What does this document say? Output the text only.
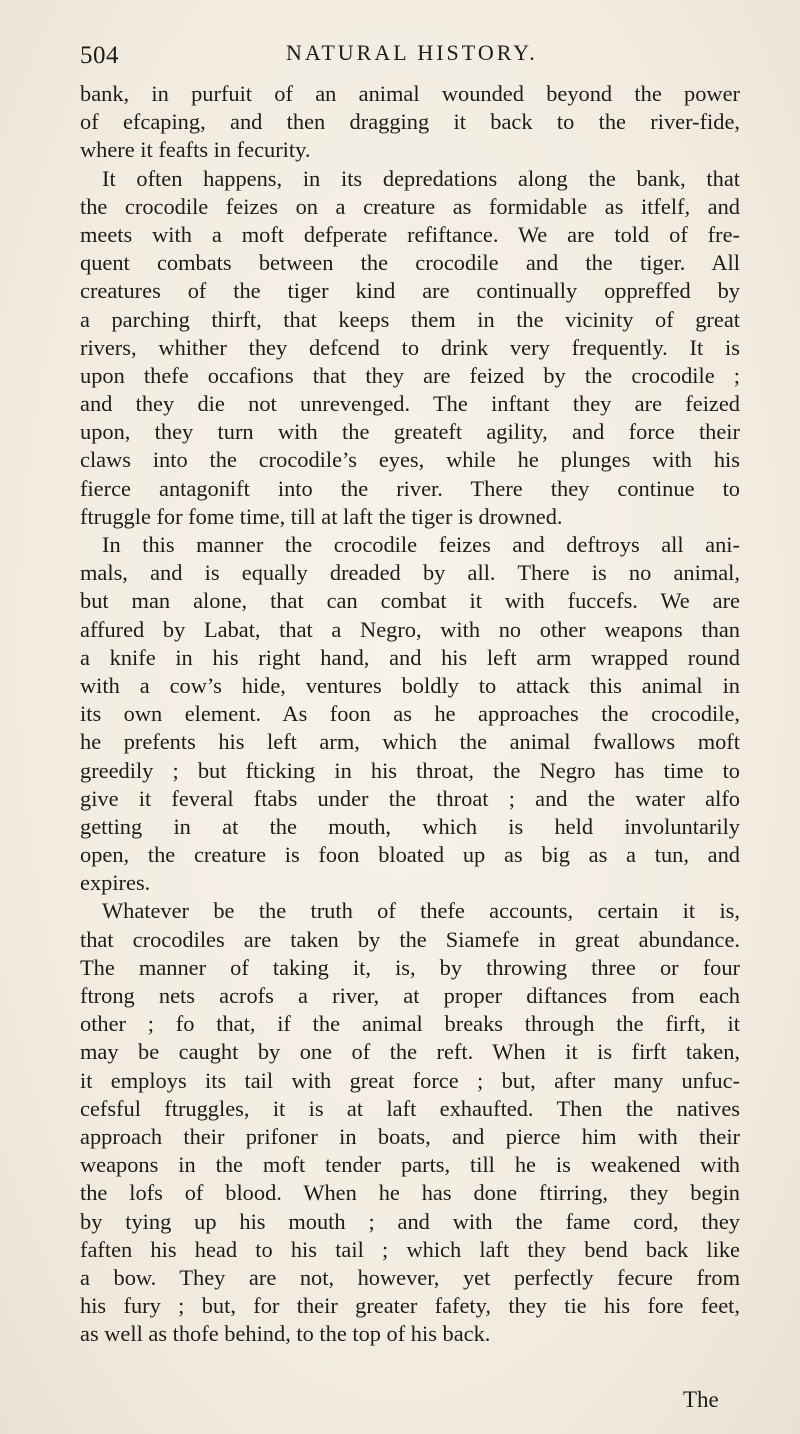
504	NATURAL HISTORY.
bank, in purfuit of an animal wounded beyond the power
of efcaping, and then dragging it back to the river-fide,
where it feafts in fecurity.
It often happens, in its depredations along the bank, that
the crocodile feizes on a creature as formidable as itfelf, and
meets with a moft defperate refiftance. We are told of fre-
quent combats between the crocodile and the tiger. All
creatures of the tiger kind are continually oppreffed by
a parching thirft, that keeps them in the vicinity of great
rivers, whither they defcend to drink very frequently. It is
upon thefe occafions that they are feized by the crocodile ;
and they die not unrevenged. The inftant they are feized
upon, they turn with the greateft agility, and force their
claws into the crocodile’s eyes, while he plunges with his
fierce antagonift into the river. There they continue to
ftruggle for fome time, till at laft the tiger is drowned.
In this manner the crocodile feizes and deftroys all ani-
mals, and is equally dreaded by all. There is no animal,
but man alone, that can combat it with fuccefs. We are
affured by Labat, that a Negro, with no other weapons than
a knife in his right hand, and his left arm wrapped round
with a cow’s hide, ventures boldly to attack this animal in
its own element. As foon as he approaches the crocodile,
he prefents his left arm, which the animal fwallows moft
greedily ; but fticking in his throat, the Negro has time to
give it feveral ftabs under the throat ; and the water alfo
getting in at the mouth, which is held involuntarily
open, the creature is foon bloated up as big as a tun, and
expires.
Whatever be the truth of thefe accounts, certain it is,
that crocodiles are taken by the Siamefe in great abundance.
The manner of taking it, is, by throwing three or four
ftrong nets acrofs a river, at proper diftances from each
other ; fo that, if the animal breaks through the firft, it
may be caught by one of the reft. When it is firft taken,
it employs its tail with great force ; but, after many unfuc-
cefsful ftruggles, it is at laft exhaufted. Then the natives
approach their prifoner in boats, and pierce him with their
weapons in the moft tender parts, till he is weakened with
the lofs of blood. When he has done ftirring, they begin
by tying up his mouth ; and with the fame cord, they
faften his head to his tail ; which laft they bend back like
a bow. They are not, however, yet perfectly fecure from
his fury ; but, for their greater fafety, they tie his fore feet,
as well as thofe behind, to the top of his back.
The
